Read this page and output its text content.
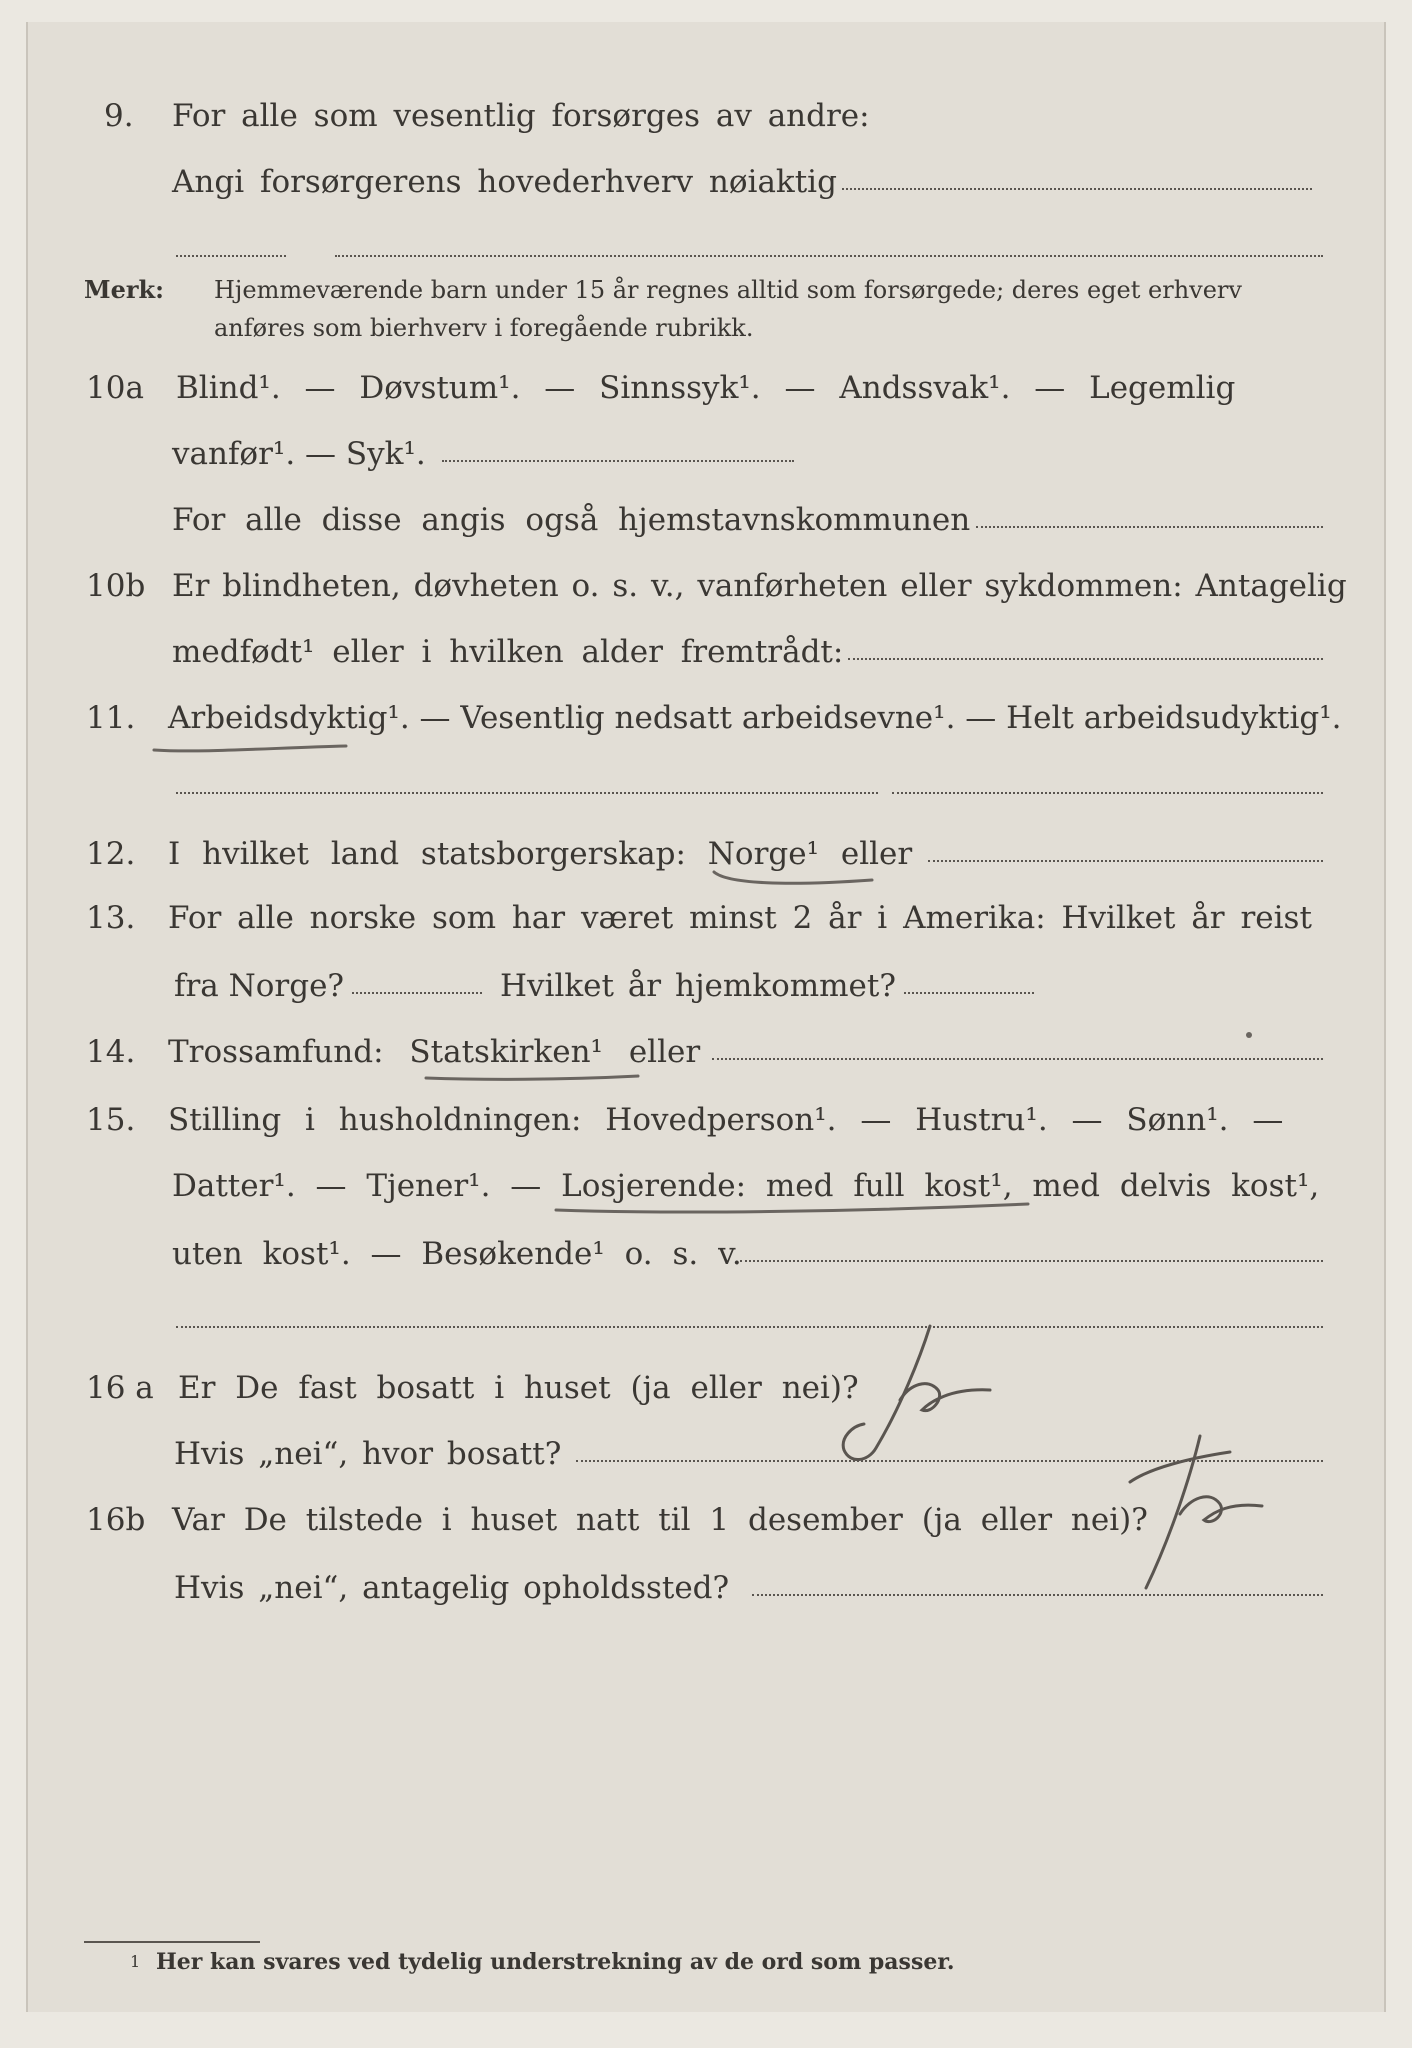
9. For alle som vesentlig forsørges av andre:
Angi forsørgerens hovederhverv nøiaktig
Merk: Hjemmeværende barn under 15 år regnes alltid som forsørgede; deres eget erhverv
anføres som bierhverv i foregående rubrikk.
10a Blind¹. — Døvstum¹. — Sinnssyk¹. — Andssvak¹. — Legemlig
vanfør¹. — Syk¹.
For alle disse angis også hjemstavnskommunen
10b Er blindheten, døvheten o. s. v., vanførheten eller sykdommen: Antagelig
medfødt¹ eller i hvilken alder fremtrådt:
11. Arbeidsdyktig¹. — Vesentlig nedsatt arbeidsevne¹. — Helt arbeidsudyktig¹.
12. I hvilket land statsborgerskap: Norge¹ eller
13. For alle norske som har været minst 2 år i Amerika: Hvilket år reist
fra Norge?	Hvilket år hjemkommet?
14. Trossamfund: Statskirken¹ eller
15. Stilling i husholdningen: Hovedperson¹. — Hustru¹. — Sønn¹. —
Datter¹. — Tjener¹. — Losjerende: med full kost¹, med delvis kost¹,
uten kost¹. — Besøkende¹ o. s. v.
16 a Er De fast bosatt i huset (ja eller nei)?
Hvis „nei“, hvor bosatt?
16b Var De tilstede i huset natt til 1 desember (ja eller nei)?
Hvis „nei“, antagelig opholdssted?
1 Her kan svares ved tydelig understrekning av de ord som passer.
